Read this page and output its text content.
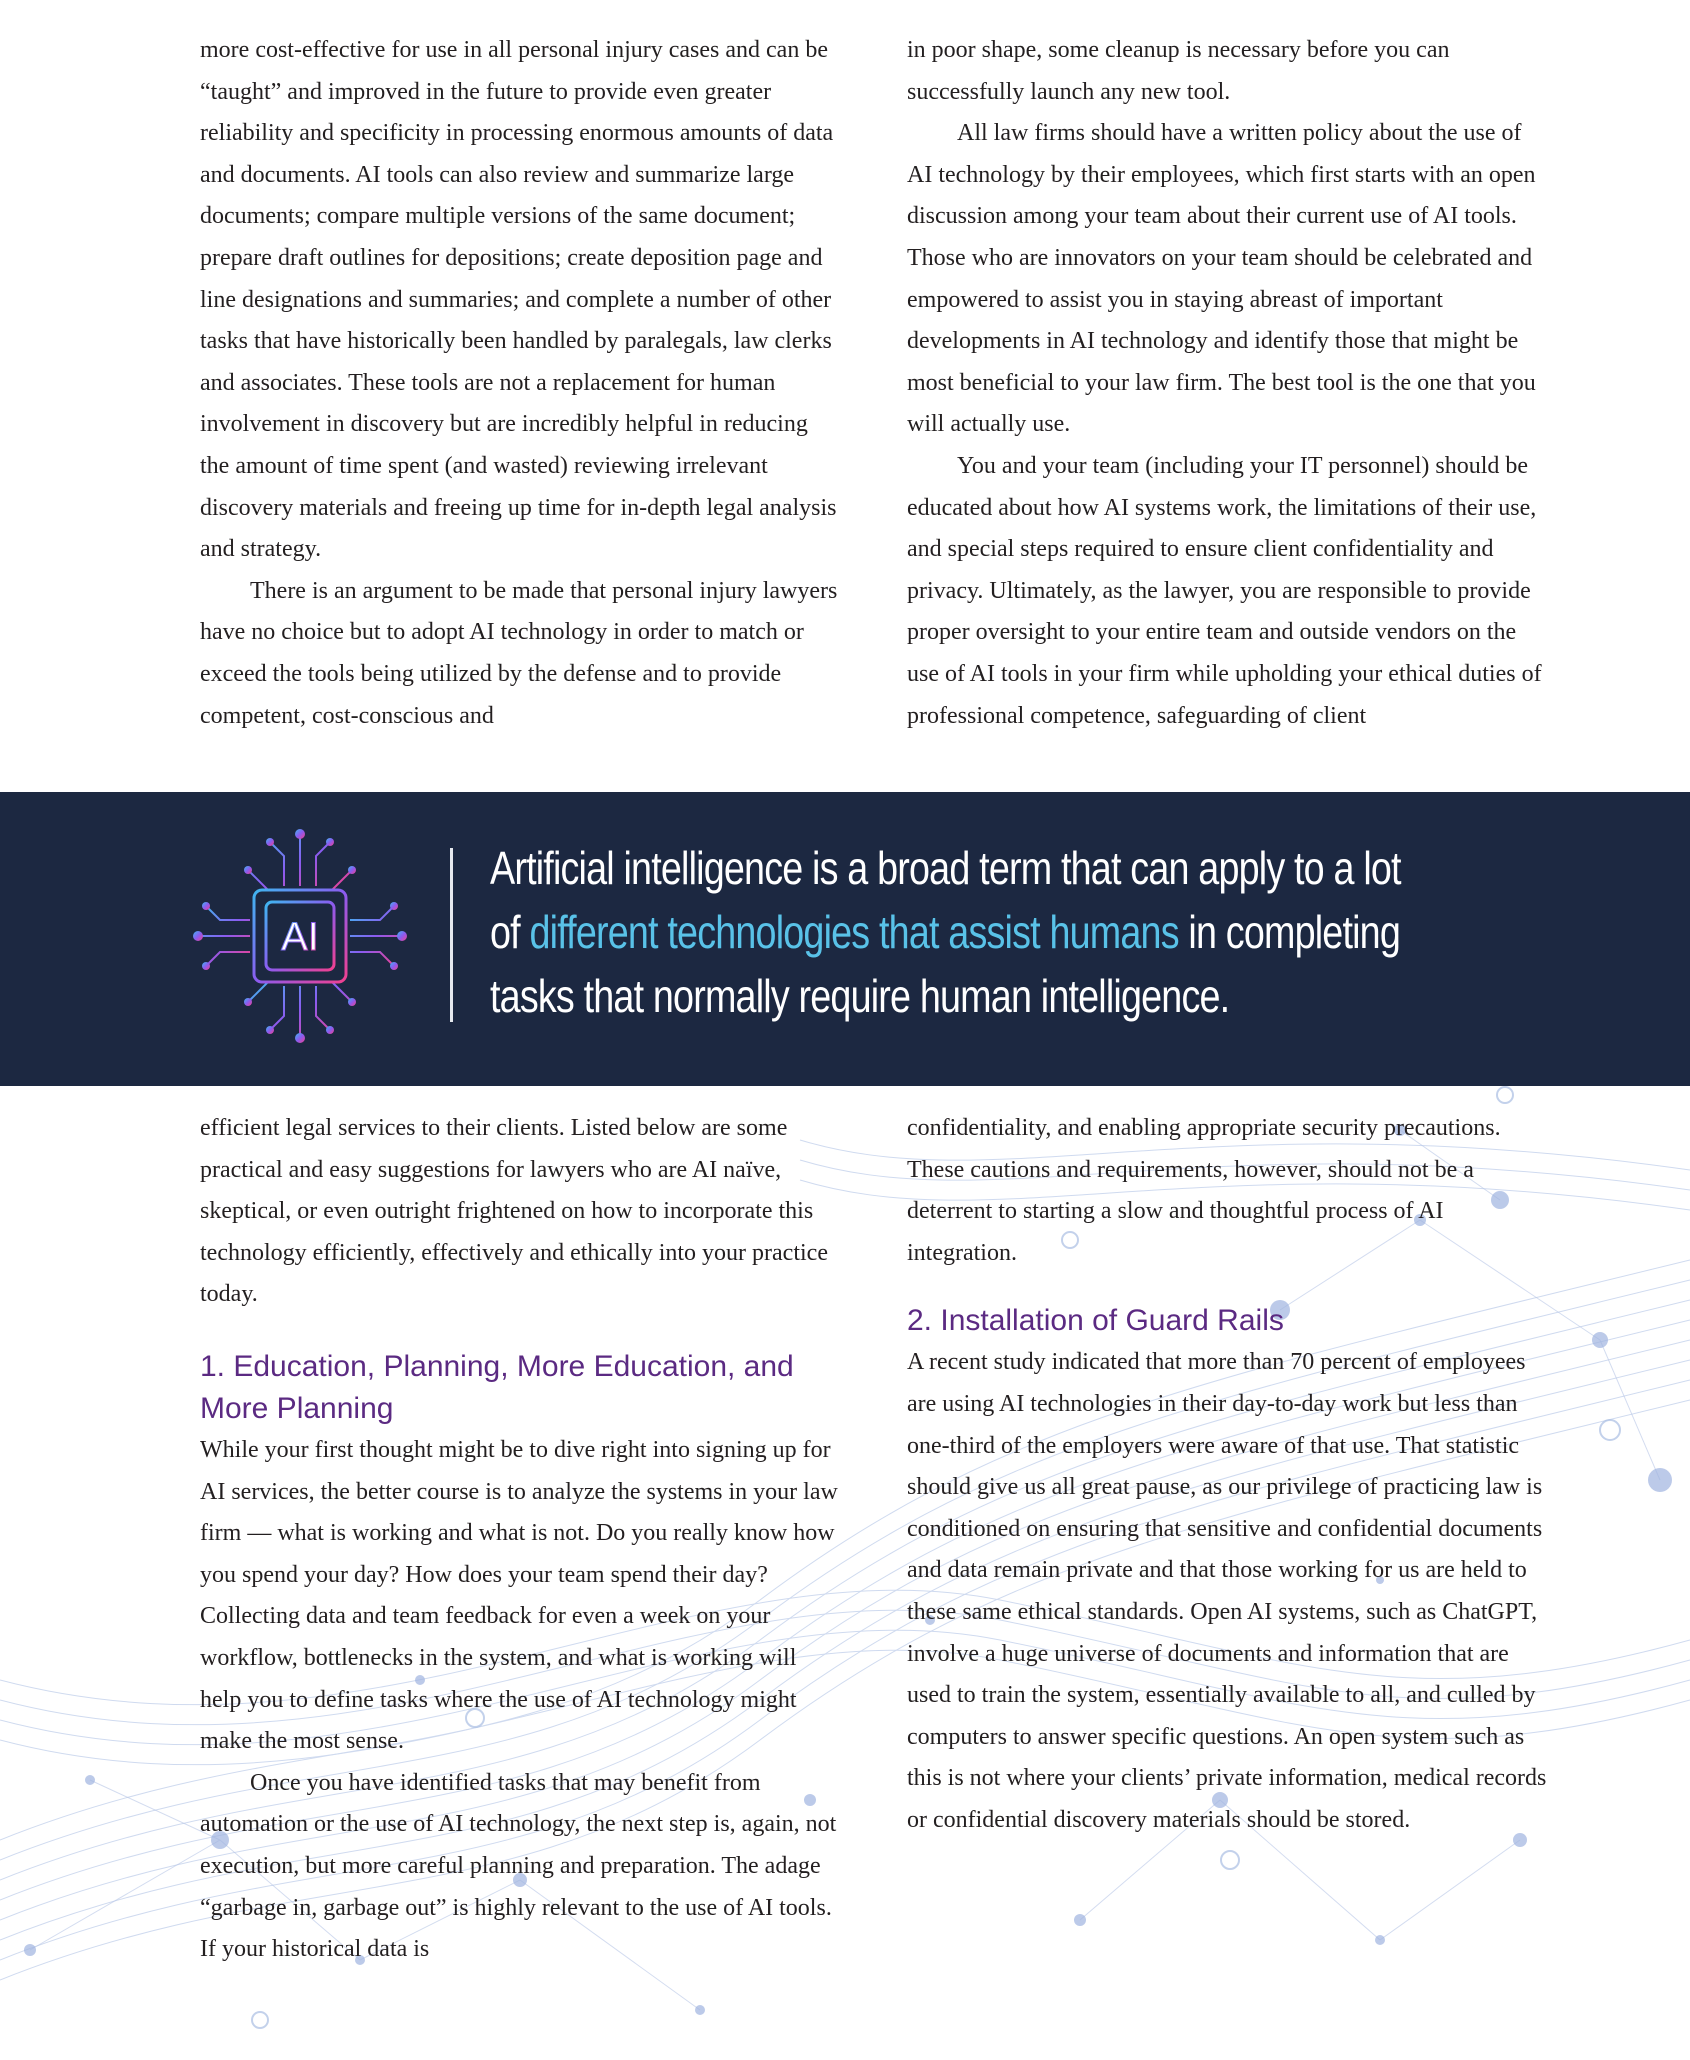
more cost-effective for use in all personal injury cases and can be “taught” and improved in the future to provide even greater reliability and specificity in processing enormous amounts of data and documents. AI tools can also review and summarize large documents; compare multiple versions of the same document; prepare draft outlines for depositions; create deposition page and line designations and summaries; and complete a number of other tasks that have historically been handled by paralegals, law clerks and associates. These tools are not a replacement for human involvement in discovery but are incredibly helpful in reducing the amount of time spent (and wasted) reviewing irrelevant discovery materials and freeing up time for in-depth legal analysis and strategy.

There is an argument to be made that personal injury lawyers have no choice but to adopt AI technology in order to match or exceed the tools being utilized by the defense and to provide competent, cost-conscious and

in poor shape, some cleanup is necessary before you can successfully launch any new tool.

All law firms should have a written policy about the use of AI technology by their employees, which first starts with an open discussion among your team about their current use of AI tools. Those who are innovators on your team should be celebrated and empowered to assist you in staying abreast of important developments in AI technology and identify those that might be most beneficial to your law firm. The best tool is the one that you will actually use.

You and your team (including your IT personnel) should be educated about how AI systems work, the limitations of their use, and special steps required to ensure client confidentiality and privacy. Ultimately, as the lawyer, you are responsible to provide proper oversight to your entire team and outside vendors on the use of AI tools in your firm while upholding your ethical duties of professional competence, safeguarding of client

AI
Artificial intelligence is a broad term that can apply to a lot of different technologies that assist humans in completing tasks that normally require human intelligence.

efficient legal services to their clients. Listed below are some practical and easy suggestions for lawyers who are AI naïve, skeptical, or even outright frightened on how to incorporate this technology efficiently, effectively and ethically into your practice today.

1. Education, Planning, More Education, and More Planning

While your first thought might be to dive right into signing up for AI services, the better course is to analyze the systems in your law firm — what is working and what is not. Do you really know how you spend your day? How does your team spend their day? Collecting data and team feedback for even a week on your workflow, bottlenecks in the system, and what is working will help you to define tasks where the use of AI technology might make the most sense.

Once you have identified tasks that may benefit from automation or the use of AI technology, the next step is, again, not execution, but more careful planning and preparation. The adage “garbage in, garbage out” is highly relevant to the use of AI tools. If your historical data is

confidentiality, and enabling appropriate security precautions. These cautions and requirements, however, should not be a deterrent to starting a slow and thoughtful process of AI integration.

2. Installation of Guard Rails

A recent study indicated that more than 70 percent of employees are using AI technologies in their day-to-day work but less than one-third of the employers were aware of that use. That statistic should give us all great pause, as our privilege of practicing law is conditioned on ensuring that sensitive and confidential documents and data remain private and that those working for us are held to these same ethical standards. Open AI systems, such as ChatGPT, involve a huge universe of documents and information that are used to train the system, essentially available to all, and culled by computers to answer specific questions. An open system such as this is not where your clients’ private information, medical records or confidential discovery materials should be stored.
